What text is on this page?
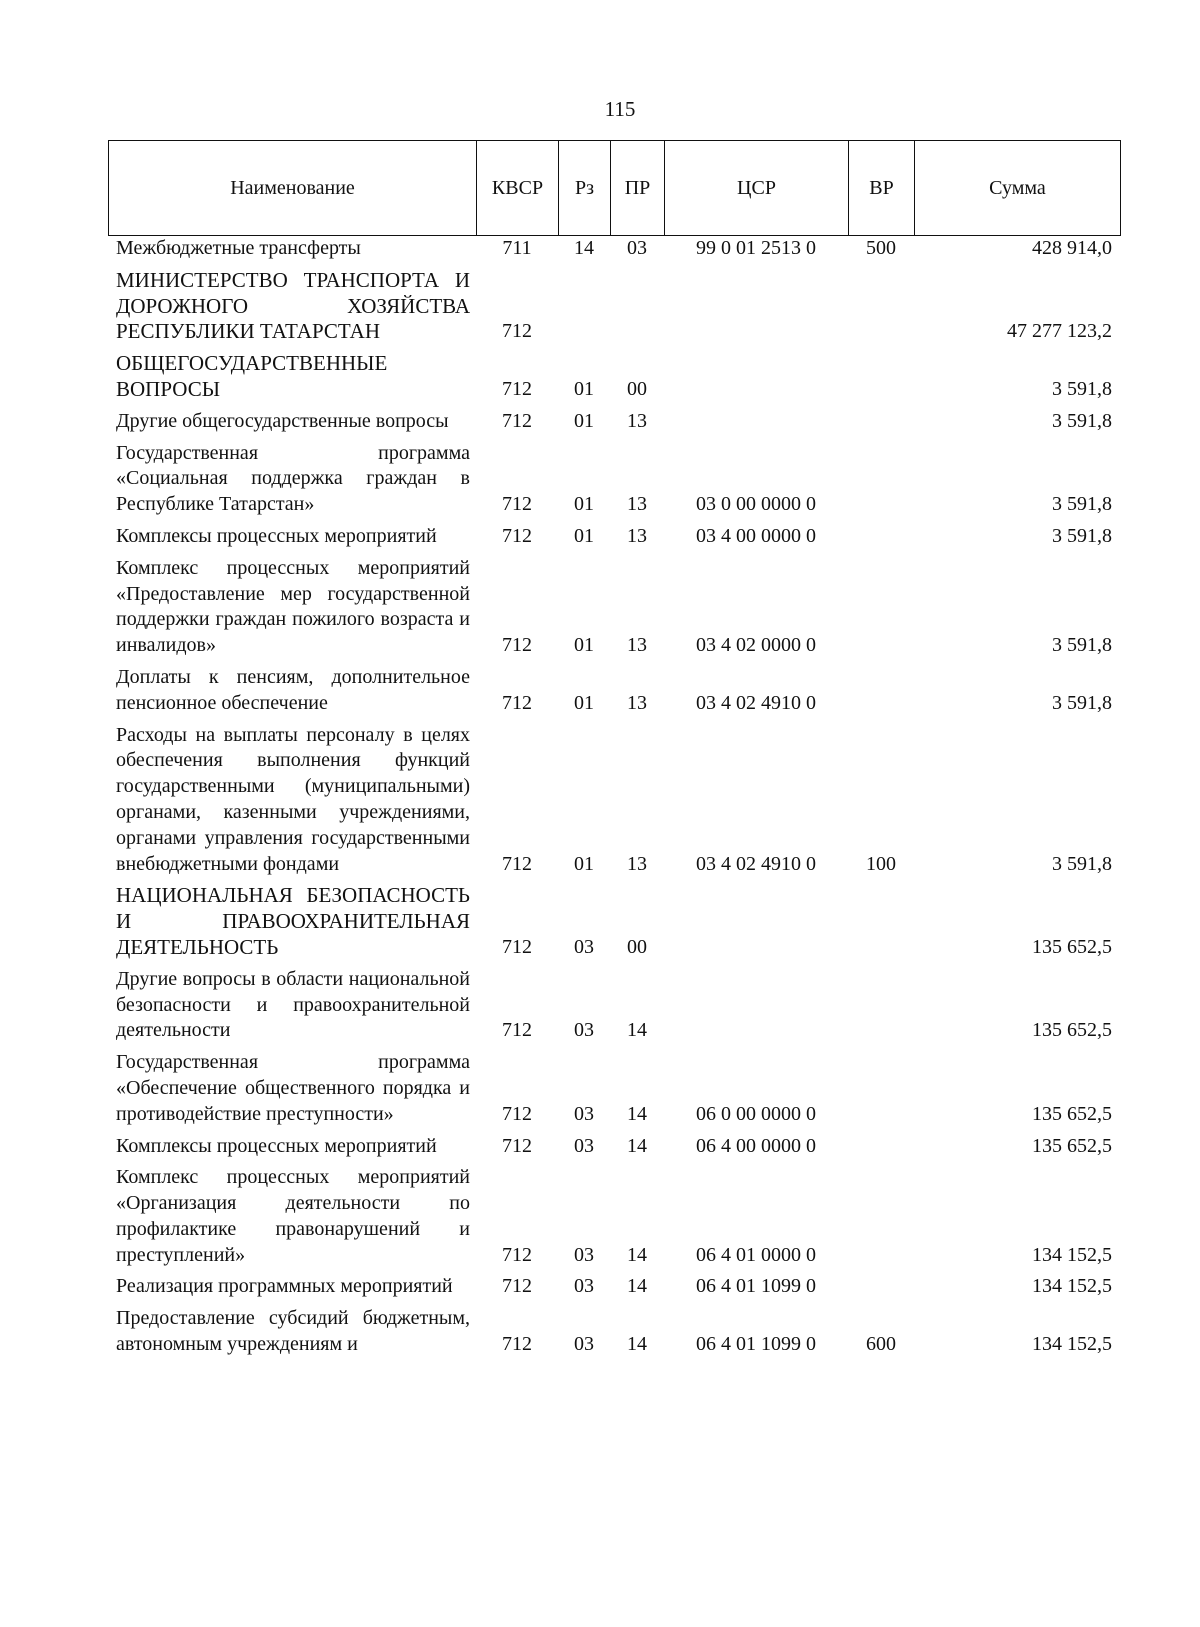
115
Наименование	КВСР	Рз	ПР	ЦСР	ВР	Сумма
Межбюджетные трансферты	711	14	03	99 0 01 2513 0	500	428 914,0

МИНИСТЕРСТВО ТРАНСПОРТА И ДОРОЖНОГО ХОЗЯЙСТВА РЕСПУБЛИКИ ТАТАРСТАН	712					47 277 123,2

ОБЩЕГОСУДАРСТВЕННЫЕ ВОПРОСЫ	712	01	00			3 591,8

Другие общегосударственные вопросы	712	01	13			3 591,8

Государственная программа «Социальная поддержка граждан в Республике Татарстан»	712	01	13	03 0 00 0000 0		3 591,8

Комплексы процессных мероприятий	712	01	13	03 4 00 0000 0		3 591,8

Комплекс процессных мероприятий «Предоставление мер государственной поддержки граждан пожилого возраста и инвалидов»	712	01	13	03 4 02 0000 0		3 591,8

Доплаты к пенсиям, дополнительное пенсионное обеспечение	712	01	13	03 4 02 4910 0		3 591,8

Расходы на выплаты персоналу в целях обеспечения выполнения функций государственными (муниципальными) органами, казенными учреждениями, органами управления государственными внебюджетными фондами	712	01	13	03 4 02 4910 0	100	3 591,8

НАЦИОНАЛЬНАЯ БЕЗОПАСНОСТЬ И ПРАВООХРАНИТЕЛЬНАЯ ДЕЯТЕЛЬНОСТЬ	712	03	00			135 652,5

Другие вопросы в области национальной безопасности и правоохранительной деятельности	712	03	14			135 652,5

Государственная программа «Обеспечение общественного порядка и противодействие преступности»	712	03	14	06 0 00 0000 0		135 652,5

Комплексы процессных мероприятий	712	03	14	06 4 00 0000 0		135 652,5

Комплекс процессных мероприятий «Организация деятельности по профилактике правонарушений и преступлений»	712	03	14	06 4 01 0000 0		134 152,5

Реализация программных мероприятий	712	03	14	06 4 01 1099 0		134 152,5

Предоставление субсидий бюджетным, автономным учреждениям и	712	03	14	06 4 01 1099 0	600	134 152,5
